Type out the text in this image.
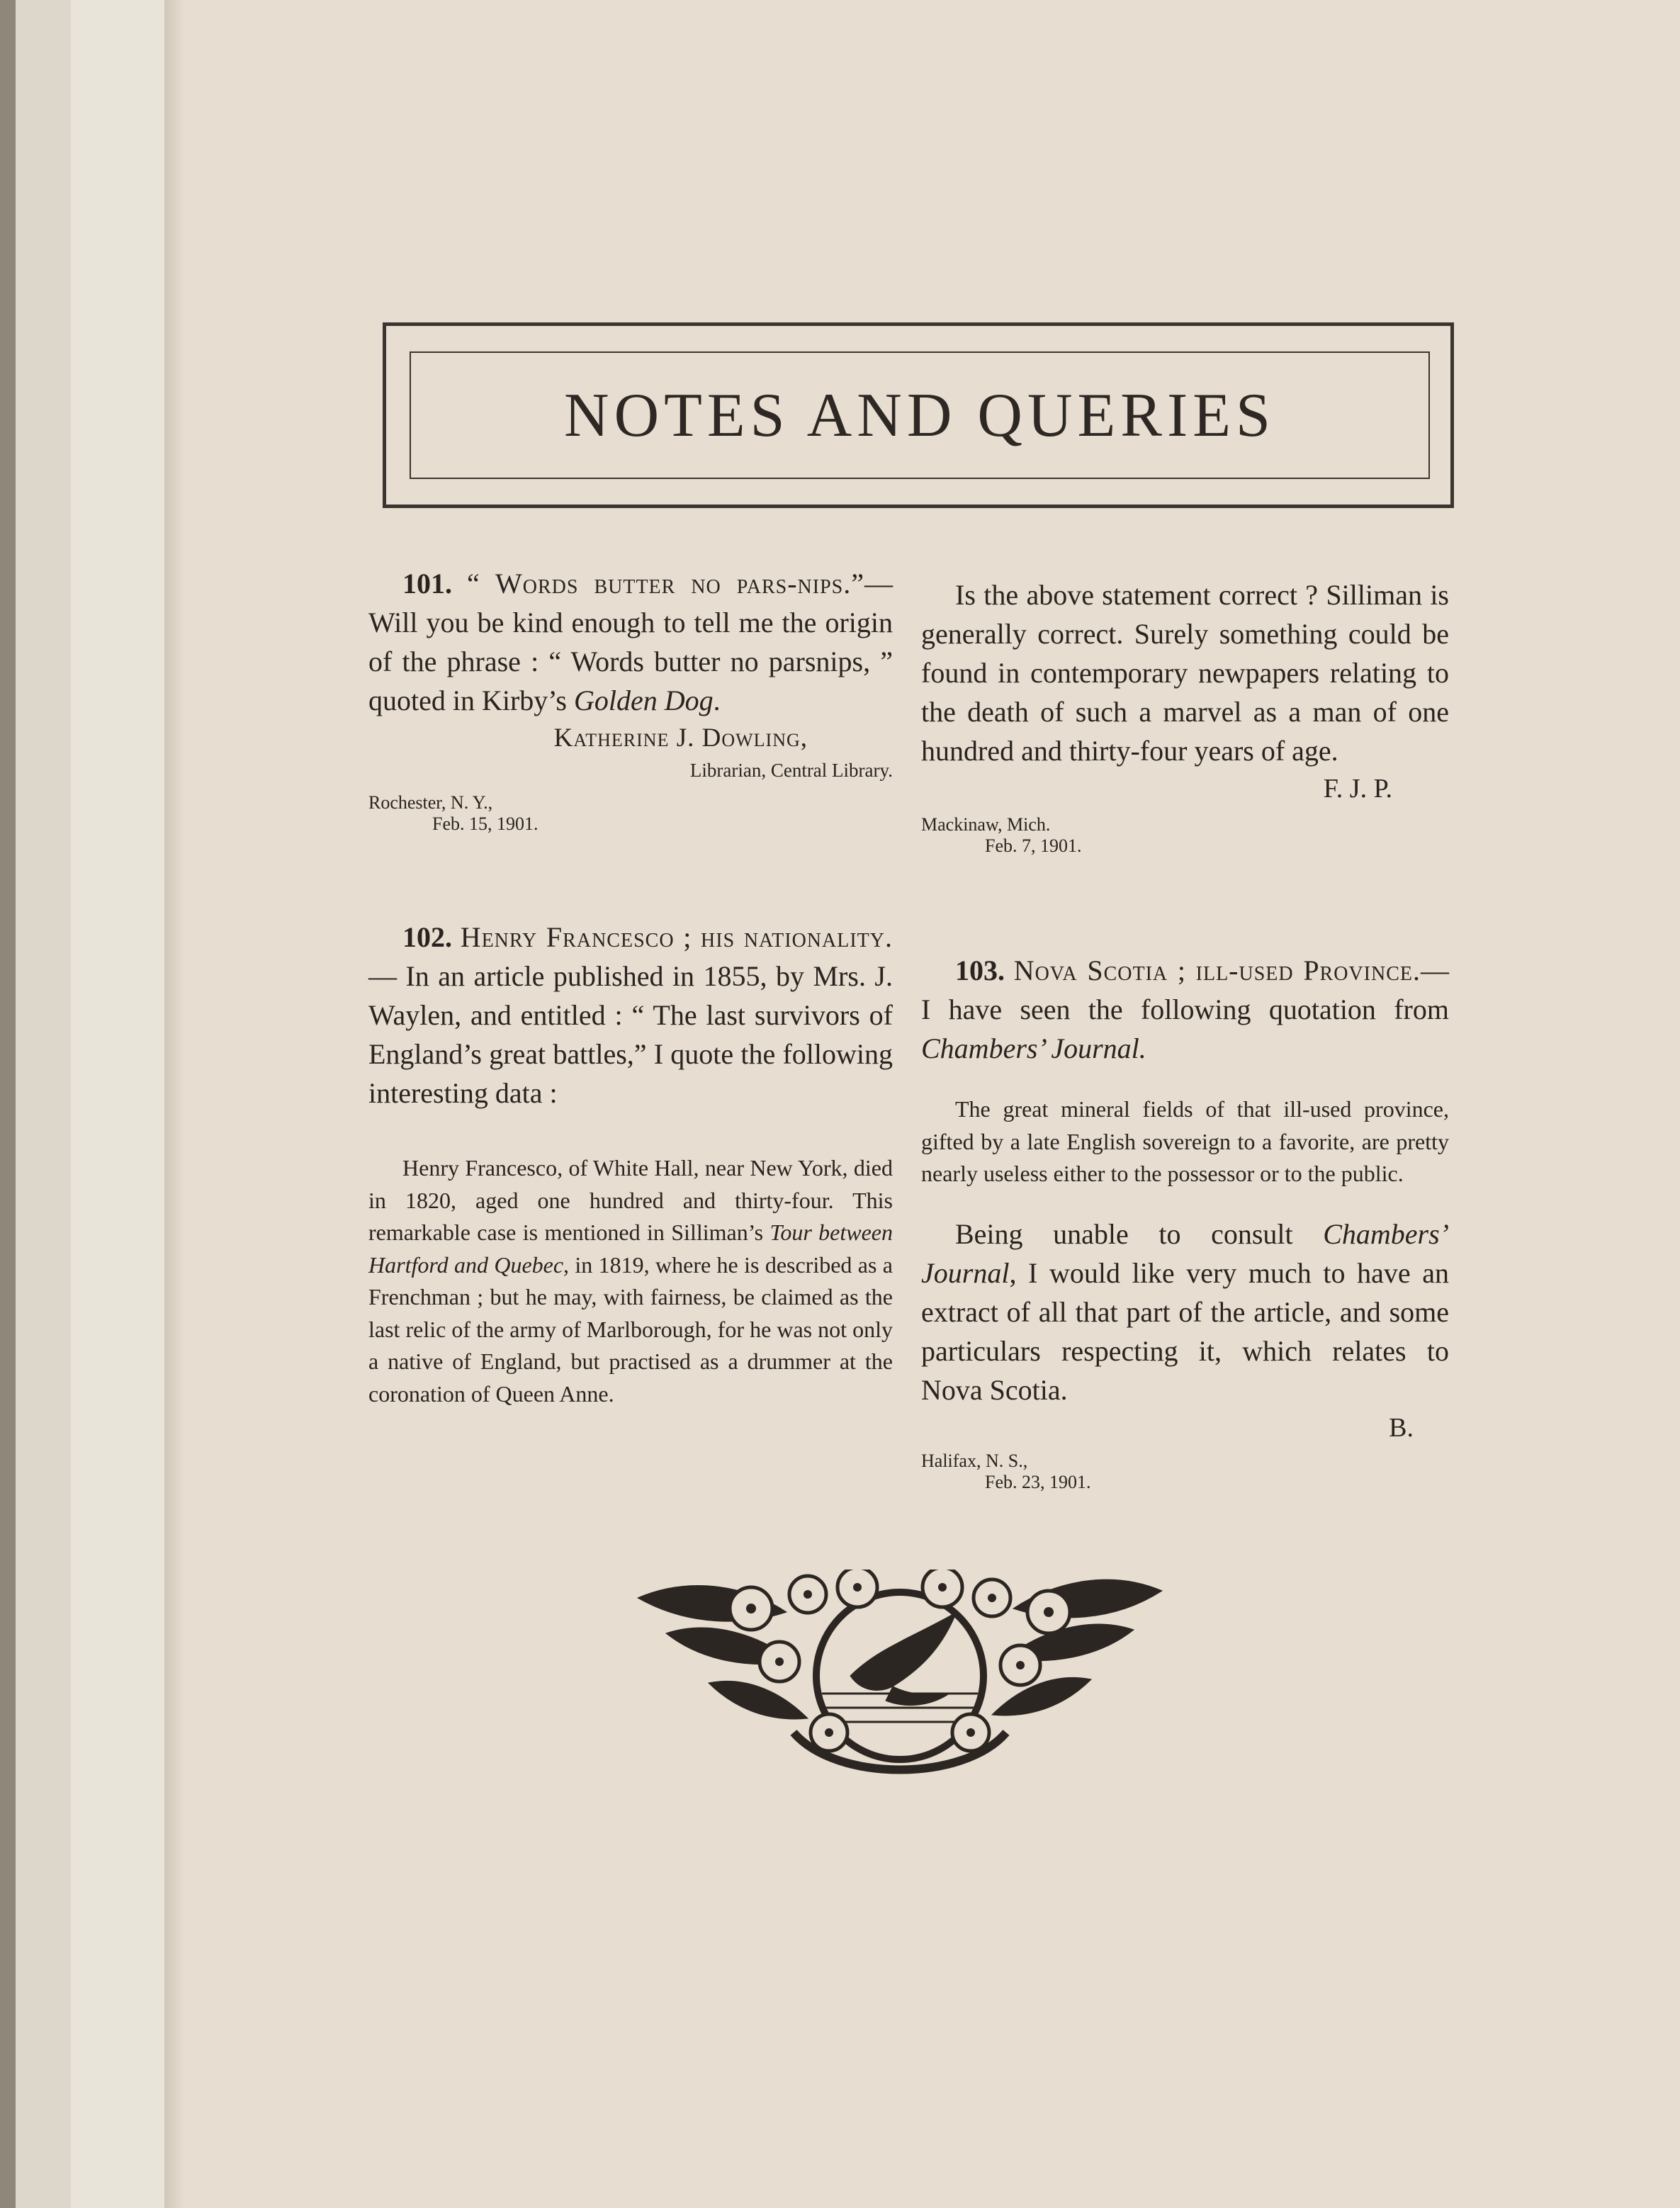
NOTES AND QUERIES

101. “ Words butter no pars-nips.”—Will you be kind enough to tell me the origin of the phrase : “ Words butter no parsnips, ” quoted in Kirby’s Golden Dog.

Katherine J. Dowling,
Librarian, Central Library.
Rochester, N. Y.,
Feb. 15, 1901.

102. Henry Francesco ; his nationality.— In an article published in 1855, by Mrs. J. Waylen, and entitled : “ The last survivors of England’s great battles,” I quote the following interesting data :

Henry Francesco, of White Hall, near New York, died in 1820, aged one hundred and thirty-four. This remarkable case is mentioned in Silliman’s Tour between Hartford and Quebec, in 1819, where he is described as a Frenchman ; but he may, with fairness, be claimed as the last relic of the army of Marlborough, for he was not only a native of England, but practised as a drummer at the coronation of Queen Anne.

Is the above statement correct ? Silliman is generally correct. Surely something could be found in contemporary newpapers relating to the death of such a marvel as a man of one hundred and thirty-four years of age.

F. J. P.
Mackinaw, Mich.
Feb. 7, 1901.

103. Nova Scotia ; ill-used Province.— I have seen the following quotation from Chambers’ Journal.

The great mineral fields of that ill-used province, gifted by a late English sovereign to a favorite, are pretty nearly useless either to the possessor or to the public.

Being unable to consult Chambers’ Journal, I would like very much to have an extract of all that part of the article, and some particulars respecting it, which relates to Nova Scotia.

B.
Halifax, N. S.,
Feb. 23, 1901.
